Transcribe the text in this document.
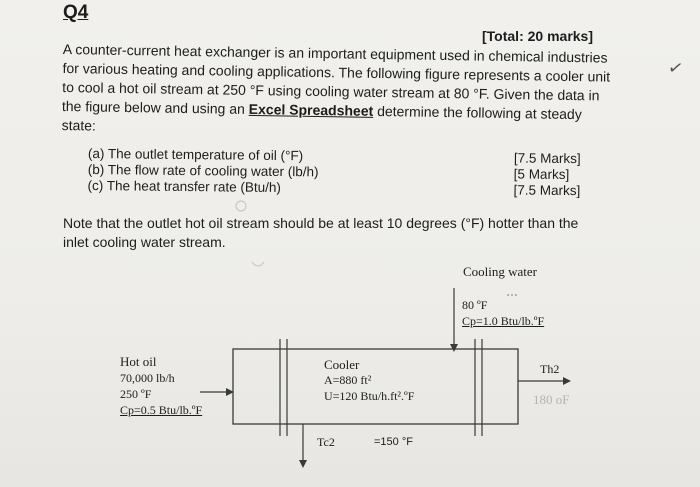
Q4
[Total: 20 marks]
A counter-current heat exchanger is an important equipment used in chemical industries for various heating and cooling applications. The following figure represents a cooler unit to cool a hot oil stream at 250 °F using cooling water stream at 80 °F. Given the data in the figure below and using an Excel Spreadsheet determine the following at steady state:
(a) The outlet temperature of oil (°F)	[7.5 Marks]
(b) The flow rate of cooling water (lb/h)	[5 Marks]
(c) The heat transfer rate (Btu/h)	[7.5 Marks]
Note that the outlet hot oil stream should be at least 10 degrees (°F) hotter than the inlet cooling water stream.
✓
Cooling water
80 ºF
Cp=1.0 Btu/lb.ºF
Hot oil
70,000 lb/h
250 ºF
Cp=0.5 Btu/lb.ºF
Cooler
A=880 ft²
U=120 Btu/h.ft².ºF
Tc2	=150 °F
Th2
180 oF
